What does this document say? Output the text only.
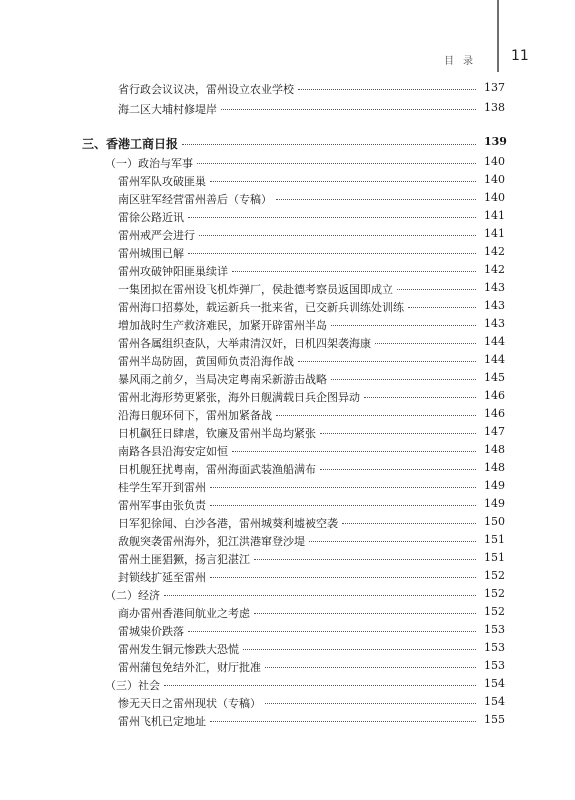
目录 11
省行政会议议决，雷州设立农业学校	137
海二区大埔村修堤岸	138
三、香港工商日报	139
（一）政治与军事	140
雷州军队攻破匪巢	140
南区驻军经营雷州善后（专稿）	140
雷徐公路近讯	141
雷州戒严会进行	141
雷州城围已解	142
雷州攻破钟阳匪巢续详	142
一集团拟在雷州设飞机炸弹厂，侯赴德考察员返国即成立	143
雷州海口招募处，载运新兵一批来省，已交新兵训练处训练	143
增加战时生产救济难民，加紧开辟雷州半岛	143
雷州各属组织查队，大举肃清汉奸，日机四架袭海康	144
雷州半岛防固，黄国师负责沿海作战	144
暴风雨之前夕，当局决定粤南采新游击战略	145
雷州北海形势更紧张，海外日舰满载日兵企图异动	146
沿海日舰环伺下，雷州加紧备战	146
日机飙狂日肆虐，钦廉及雷州半岛均紧张	147
南路各县沿海安定如恒	148
日机舰狂扰粤南，雷州海面武装渔船满布	148
桂学生军开到雷州	149
雷州军事由张负责	149
日军犯徐闻、白沙各港，雷州城葵利墟被空袭	150
敌舰突袭雷州海外，犯江洪港窜登沙堤	151
雷州土匪猖獗，扬言犯湛江	151
封锁线扩延至雷州	152
（二）经济	152
商办雷州香港间航业之考虑	152
雷城粜价跌落	153
雷州发生铜元惨跌大恐慌	153
雷州蒲包免结外汇，财厅批准	153
（三）社会	154
惨无天日之雷州现状（专稿）	154
雷州飞机已定地址	155
